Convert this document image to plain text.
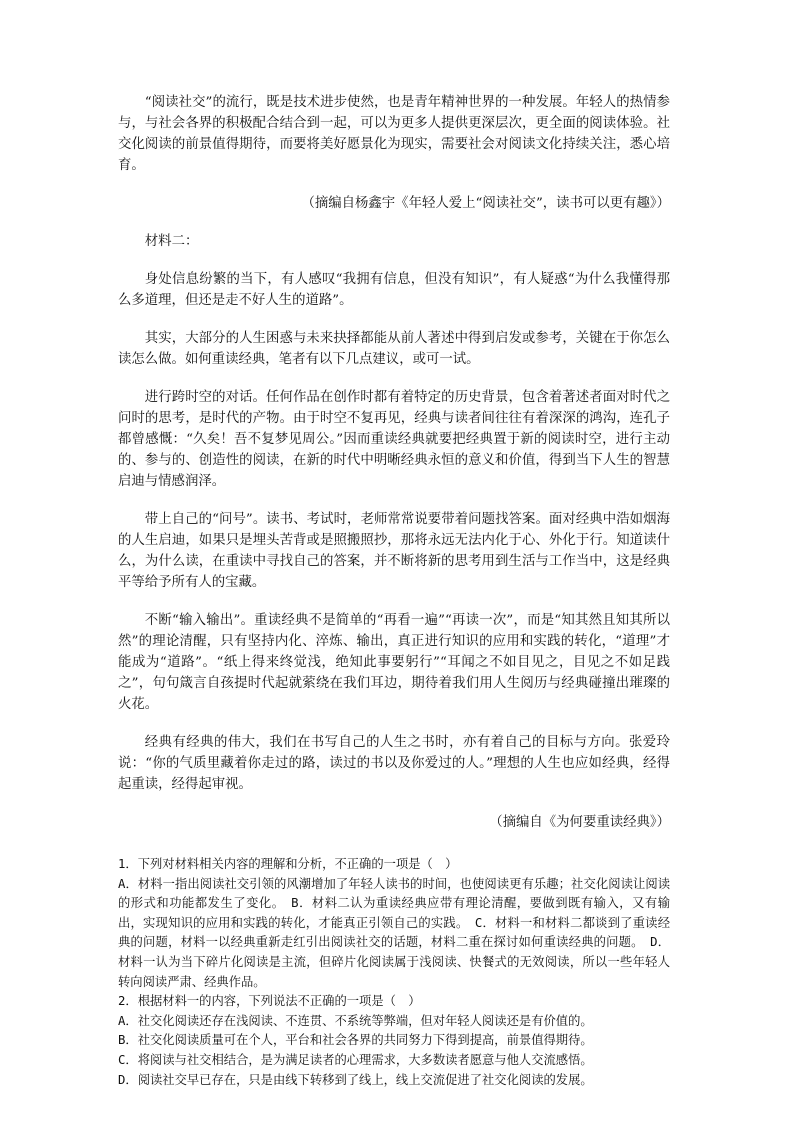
“阅读社交”的流行，既是技术进步使然，也是青年精神世界的一种发展。年轻人的热情参与，与社会各界的积极配合结合到一起，可以为更多人提供更深层次，更全面的阅读体验。社交化阅读的前景值得期待，而要将美好愿景化为现实，需要社会对阅读文化持续关注，悉心培育。

（摘编自杨鑫宇《年轻人爱上“阅读社交”，读书可以更有趣》）

材料二：

身处信息纷繁的当下，有人感叹“我拥有信息，但没有知识”，有人疑惑“为什么我懂得那么多道理，但还是走不好人生的道路”。

其实，大部分的人生困惑与未来抉择都能从前人著述中得到启发或参考，关键在于你怎么读怎么做。如何重读经典，笔者有以下几点建议，或可一试。

进行跨时空的对话。任何作品在创作时都有着特定的历史背景，包含着著述者面对时代之问时的思考，是时代的产物。由于时空不复再见，经典与读者间往往有着深深的鸿沟，连孔子都曾感慨：“久矣！吾不复梦见周公。”因而重读经典就要把经典置于新的阅读时空，进行主动的、参与的、创造性的阅读，在新的时代中明晰经典永恒的意义和价值，得到当下人生的智慧启迪与情感润泽。

带上自己的“问号”。读书、考试时，老师常常说要带着问题找答案。面对经典中浩如烟海的人生启迪，如果只是埋头苦背或是照搬照抄，那将永远无法内化于心、外化于行。知道读什么，为什么读，在重读中寻找自己的答案，并不断将新的思考用到生活与工作当中，这是经典平等给予所有人的宝藏。

不断“输入输出”。重读经典不是简单的“再看一遍”“再读一次”，而是“知其然且知其所以然”的理论清醒，只有坚持内化、淬炼、输出，真正进行知识的应用和实践的转化，“道理”才能成为“道路”。“纸上得来终觉浅，绝知此事要躬行”“耳闻之不如目见之，目见之不如足践之”，句句箴言自孩提时代起就萦绕在我们耳边，期待着我们用人生阅历与经典碰撞出璀璨的火花。

经典有经典的伟大，我们在书写自己的人生之书时，亦有着自己的目标与方向。张爱玲说：“你的气质里藏着你走过的路，读过的书以及你爱过的人。”理想的人生也应如经典，经得起重读，经得起审视。

（摘编自《为何要重读经典》）

1．下列对材料相关内容的理解和分析，不正确的一项是（　）

A．材料一指出阅读社交引领的风潮增加了年轻人读书的时间，也使阅读更有乐趣；社交化阅读让阅读的形式和功能都发生了变化。　B．材料二认为重读经典应带有理论清醒，要做到既有输入，又有输出，实现知识的应用和实践的转化，才能真正引领自己的实践。　C．材料一和材料二都谈到了重读经典的问题，材料一以经典重新走红引出阅读社交的话题，材料二重在探讨如何重读经典的问题。　D．材料一认为当下碎片化阅读是主流，但碎片化阅读属于浅阅读、快餐式的无效阅读，所以一些年轻人转向阅读严肃、经典作品。

2．根据材料一的内容，下列说法不正确的一项是（　）

A．社交化阅读还存在浅阅读、不连贯、不系统等弊端，但对年轻人阅读还是有价值的。

B．社交化阅读质量可在个人，平台和社会各界的共同努力下得到提高，前景值得期待。

C．将阅读与社交相结合，是为满足读者的心理需求，大多数读者愿意与他人交流感悟。

D．阅读社交早已存在，只是由线下转移到了线上，线上交流促进了社交化阅读的发展。
